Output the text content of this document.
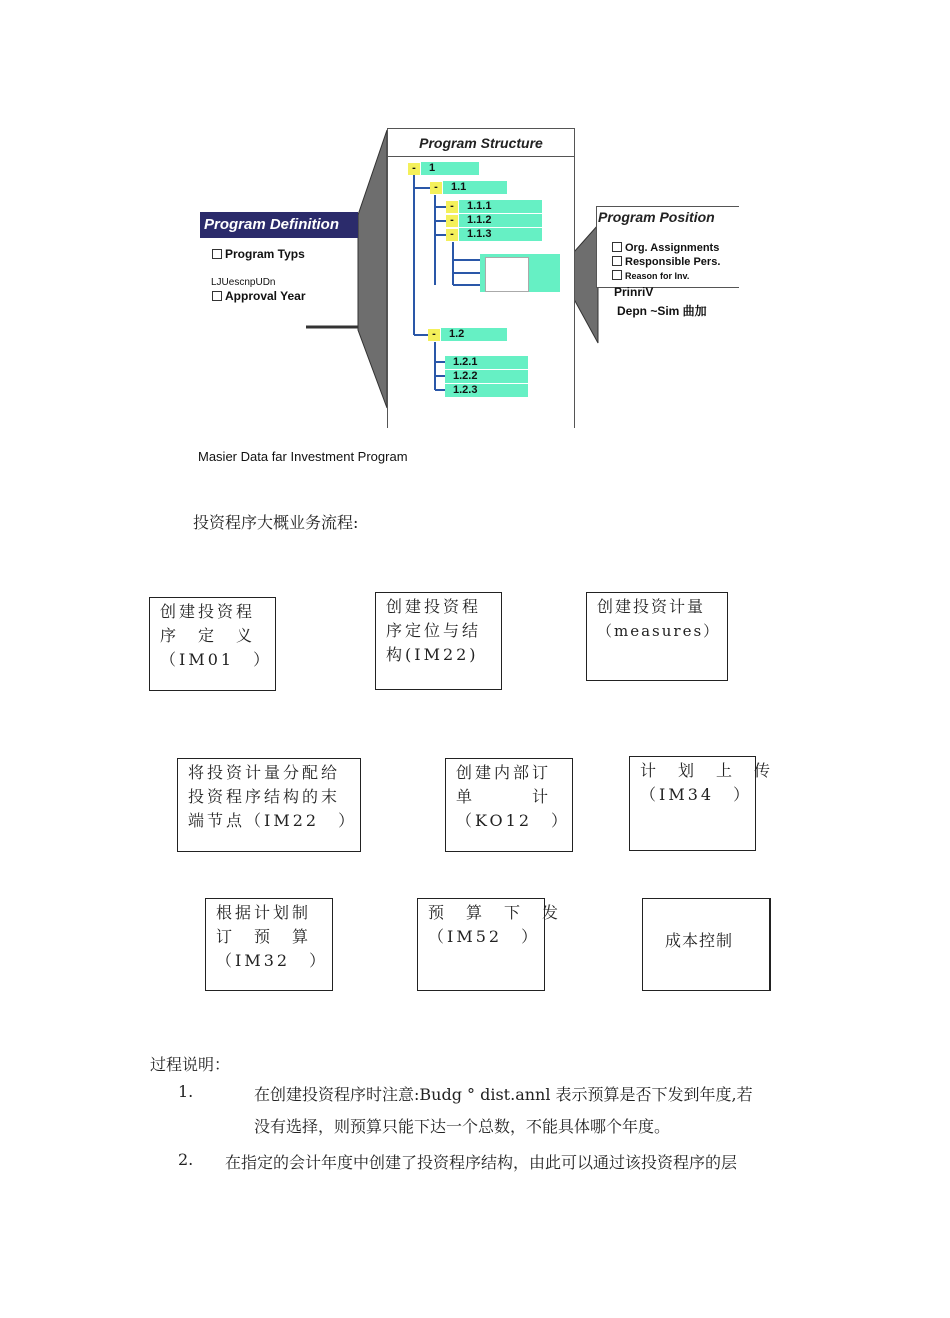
Program Definition
Program Typs
LJUescnpUDn
Approval Year
Program Structure
-	1
-	1.1
-	1.1.1
-	1.1.2
-	1.1.3
-	1.2
1.2.1
1.2.2
1.2.3
Program Position
Org. Assignments
Responsible Pers.
Reason for Inv.
PrinriV
Depn ~Sim 曲加
Masier Data far Investment Program
投资程序大概业务流程:
创建投资程
序　定　义
（IM01　）
创建投资程
序定位与结
构(IM22)
创建投资计量
（measures）
将投资计量分配给
投资程序结构的末
端节点（IM22　）
创建内部订
单　　　计
（KO12　）
计　划　上　传
（IM34　）
根据计划制
订　预　算
（IM32　）
预　算　下　发
（IM52　）	成本控制
过程说明：
1.	在创建投资程序时注意:Budg ° dist.annl 表示预算是否下发到年度,若
没有选择，则预算只能下达一个总数，不能具体哪个年度。
2. 在指定的会计年度中创建了投资程序结构，由此可以通过该投资程序的层
